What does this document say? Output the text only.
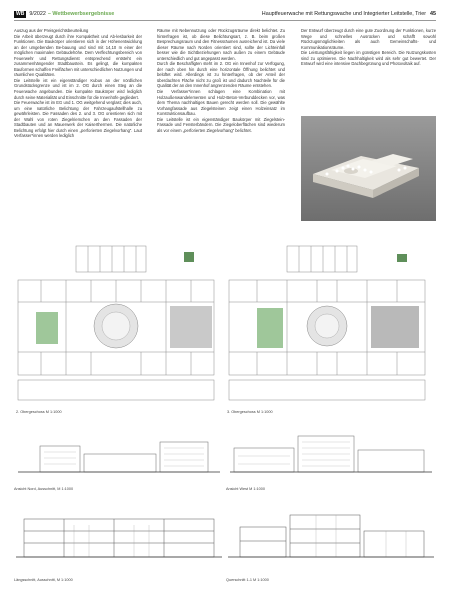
WB 9/2022 – Wettbewerbsergebnisse	Hauptfeuerwache mit Rettungswache und Integrierter Leitstelle, Trier 45

Auszug aus der Preisgerichtsbeurteilung

Die Arbeit überzeugt durch ihre Kompaktheit und Ab-lesbarkeit der Funktionen. Die Baukörper orientieren sich in der Höhenentwicklung an der umgebenden Be-bauung und sind mit 14,10 m einer der möglichen maximalen Gebäudehöhe. Dem Verflechtungsbereich von Feuerwehr und Rettungsdienst entsprechend entsteht ein zusammenhängender Stadtbaustein. Es gelingt, die kompakten Bauformen schaffen Freiflächen mit unterschiedlichen Nutzungen und räumlichen Qualitäten.

Die Leitstelle ist ein eigenständiger Kubus an der nördlichen Grundstücksgrenze und ist im 2. OG durch einen Steg an die Feuerwache angebunden. Die kompakte Baukörper wird lediglich durch seine Materialität und Einschnitte für die Innenhöfe gegliedert.

Die Feuerwache ist im EG und 1. OG weitgehend verglast; dies auch, um eine natürliche Belichtung der Fahrzeugaufstellhalle zu gewährleisten. Die Fassaden des 2. und 3. OG orientieren sich mit der Wahl von roten Ziegelriemchen an den Fassaden der Stadtbauten und an Mauerwerk der Kaiserthermen. Die natürliche Belichtung erfolgt hier durch einen „perforierten Ziegelvorhang“. Laut Verfasser*innen werden lediglich

Räume mit Nebennutzung oder Rückzugsräume direkt belichtet. Zu hinterfragen ist, ob diese Belichtungsart, z. B. beim großen Besprechungsraum und den Fitnessräumen ausreichend ist. Da viele dieser Räume nach Norden orientiert sind, sollte der Lichteinfall besser wie die Sichtbeziehungen nach außen zu einem Gebäude unterschiedlich und gut angepasst werden.

Durch die Beschaffigten steht im 2. OG ein Innenhof zur Verfügung, der nach oben hin durch eine horizontale Öffnung belichtet und belüftet wird. Allerdings ist zu hinterfragen, ob der Anteil der überdachten Fläche nicht zu groß ist und dadurch Nachteile für die Qualität der an den Innenhof angrenzenden Räume entstehen.

Die Verfasser*innen schlagen eine Kombination mit Holzaußenwandelementen und Holz-Beton-Verbunddecken vor, was dem Thema nachhaltiges Bauen gerecht werden soll. Die gewählte Vorhangfassade aus Ziegelsteinen zeigt einen Holzeinsatz im Konstruktionsaufbau.

Die Leitstelle ist ein eigenständiger Baukörper mit Ziegelstein-Fassade und Fensterbändern. Die Ziegeloberflächen sind wiederum als vor einem „perforierten Ziegelvorhang“ belichtet.

Der Entwurf überzeugt durch eine gute Zuordnung der Funktionen, kurze Wege und schnelles Ausrücken und schafft sowohl Rückzugsmöglichkeiten als auch Gemeinschafts- und Kommunikationsräume.

Die Leistungsfähigkeit liegen im günstigen Bereich. Die Nutzungskosten sind zu optimieren. Die Nachhaltigkeit wird als sehr gut bewertet. Der Entwurf wird eine intensive Dachbegrünung und Photovoltaik auf.

2. Obergeschoss M 1:1000	3. Obergeschoss M 1:1000
Ansicht Nord, Ausschnitt, M 1:1000	Ansicht West M 1:1000
Längsschnitt, Ausschnitt, M 1:1000	Querschnitt 1-1 M 1:1000
